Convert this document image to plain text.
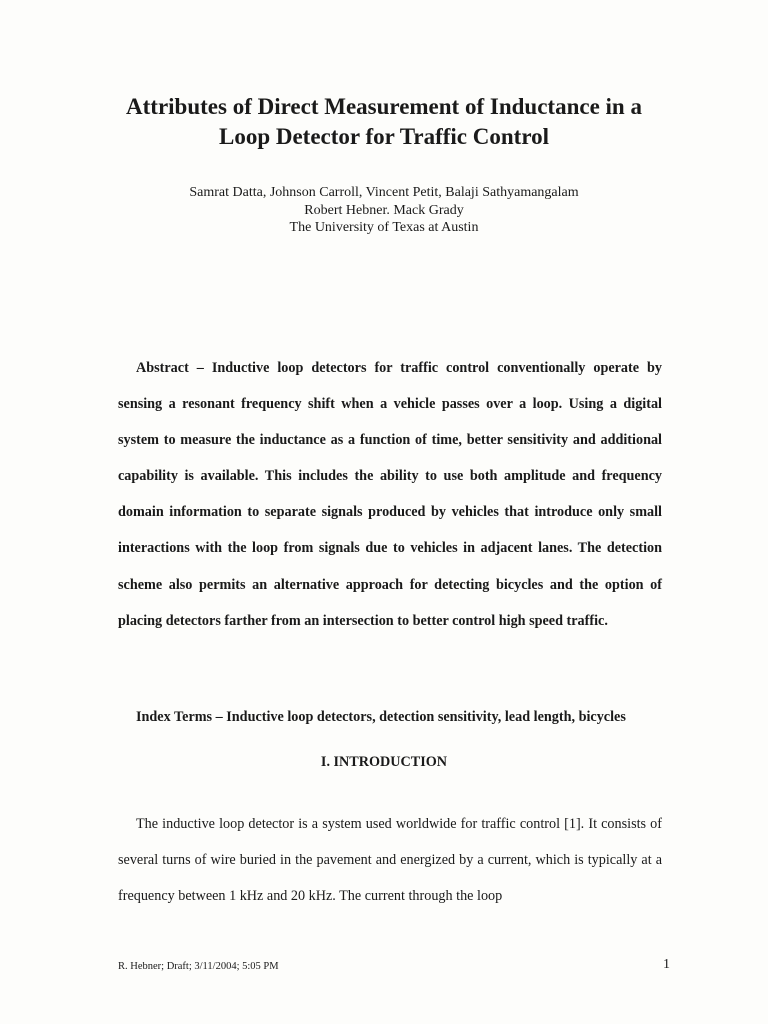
Attributes of Direct Measurement of Inductance in a
Loop Detector for Traffic Control
Samrat Datta, Johnson Carroll, Vincent Petit, Balaji Sathyamangalam
Robert Hebner. Mack Grady
The University of Texas at Austin

Abstract – Inductive loop detectors for traffic control conventionally operate by sensing a resonant frequency shift when a vehicle passes over a loop. Using a digital system to measure the inductance as a function of time, better sensitivity and additional capability is available. This includes the ability to use both amplitude and frequency domain information to separate signals produced by vehicles that introduce only small interactions with the loop from signals due to vehicles in adjacent lanes. The detection scheme also permits an alternative approach for detecting bicycles and the option of placing detectors farther from an intersection to better control high speed traffic.

Index Terms – Inductive loop detectors, detection sensitivity, lead length, bicycles

I. INTRODUCTION

The inductive loop detector is a system used worldwide for traffic control [1]. It consists of several turns of wire buried in the pavement and energized by a current, which is typically at a frequency between 1 kHz and 20 kHz. The current through the loop

R. Hebner; Draft; 3/11/2004; 5:05 PM	1
